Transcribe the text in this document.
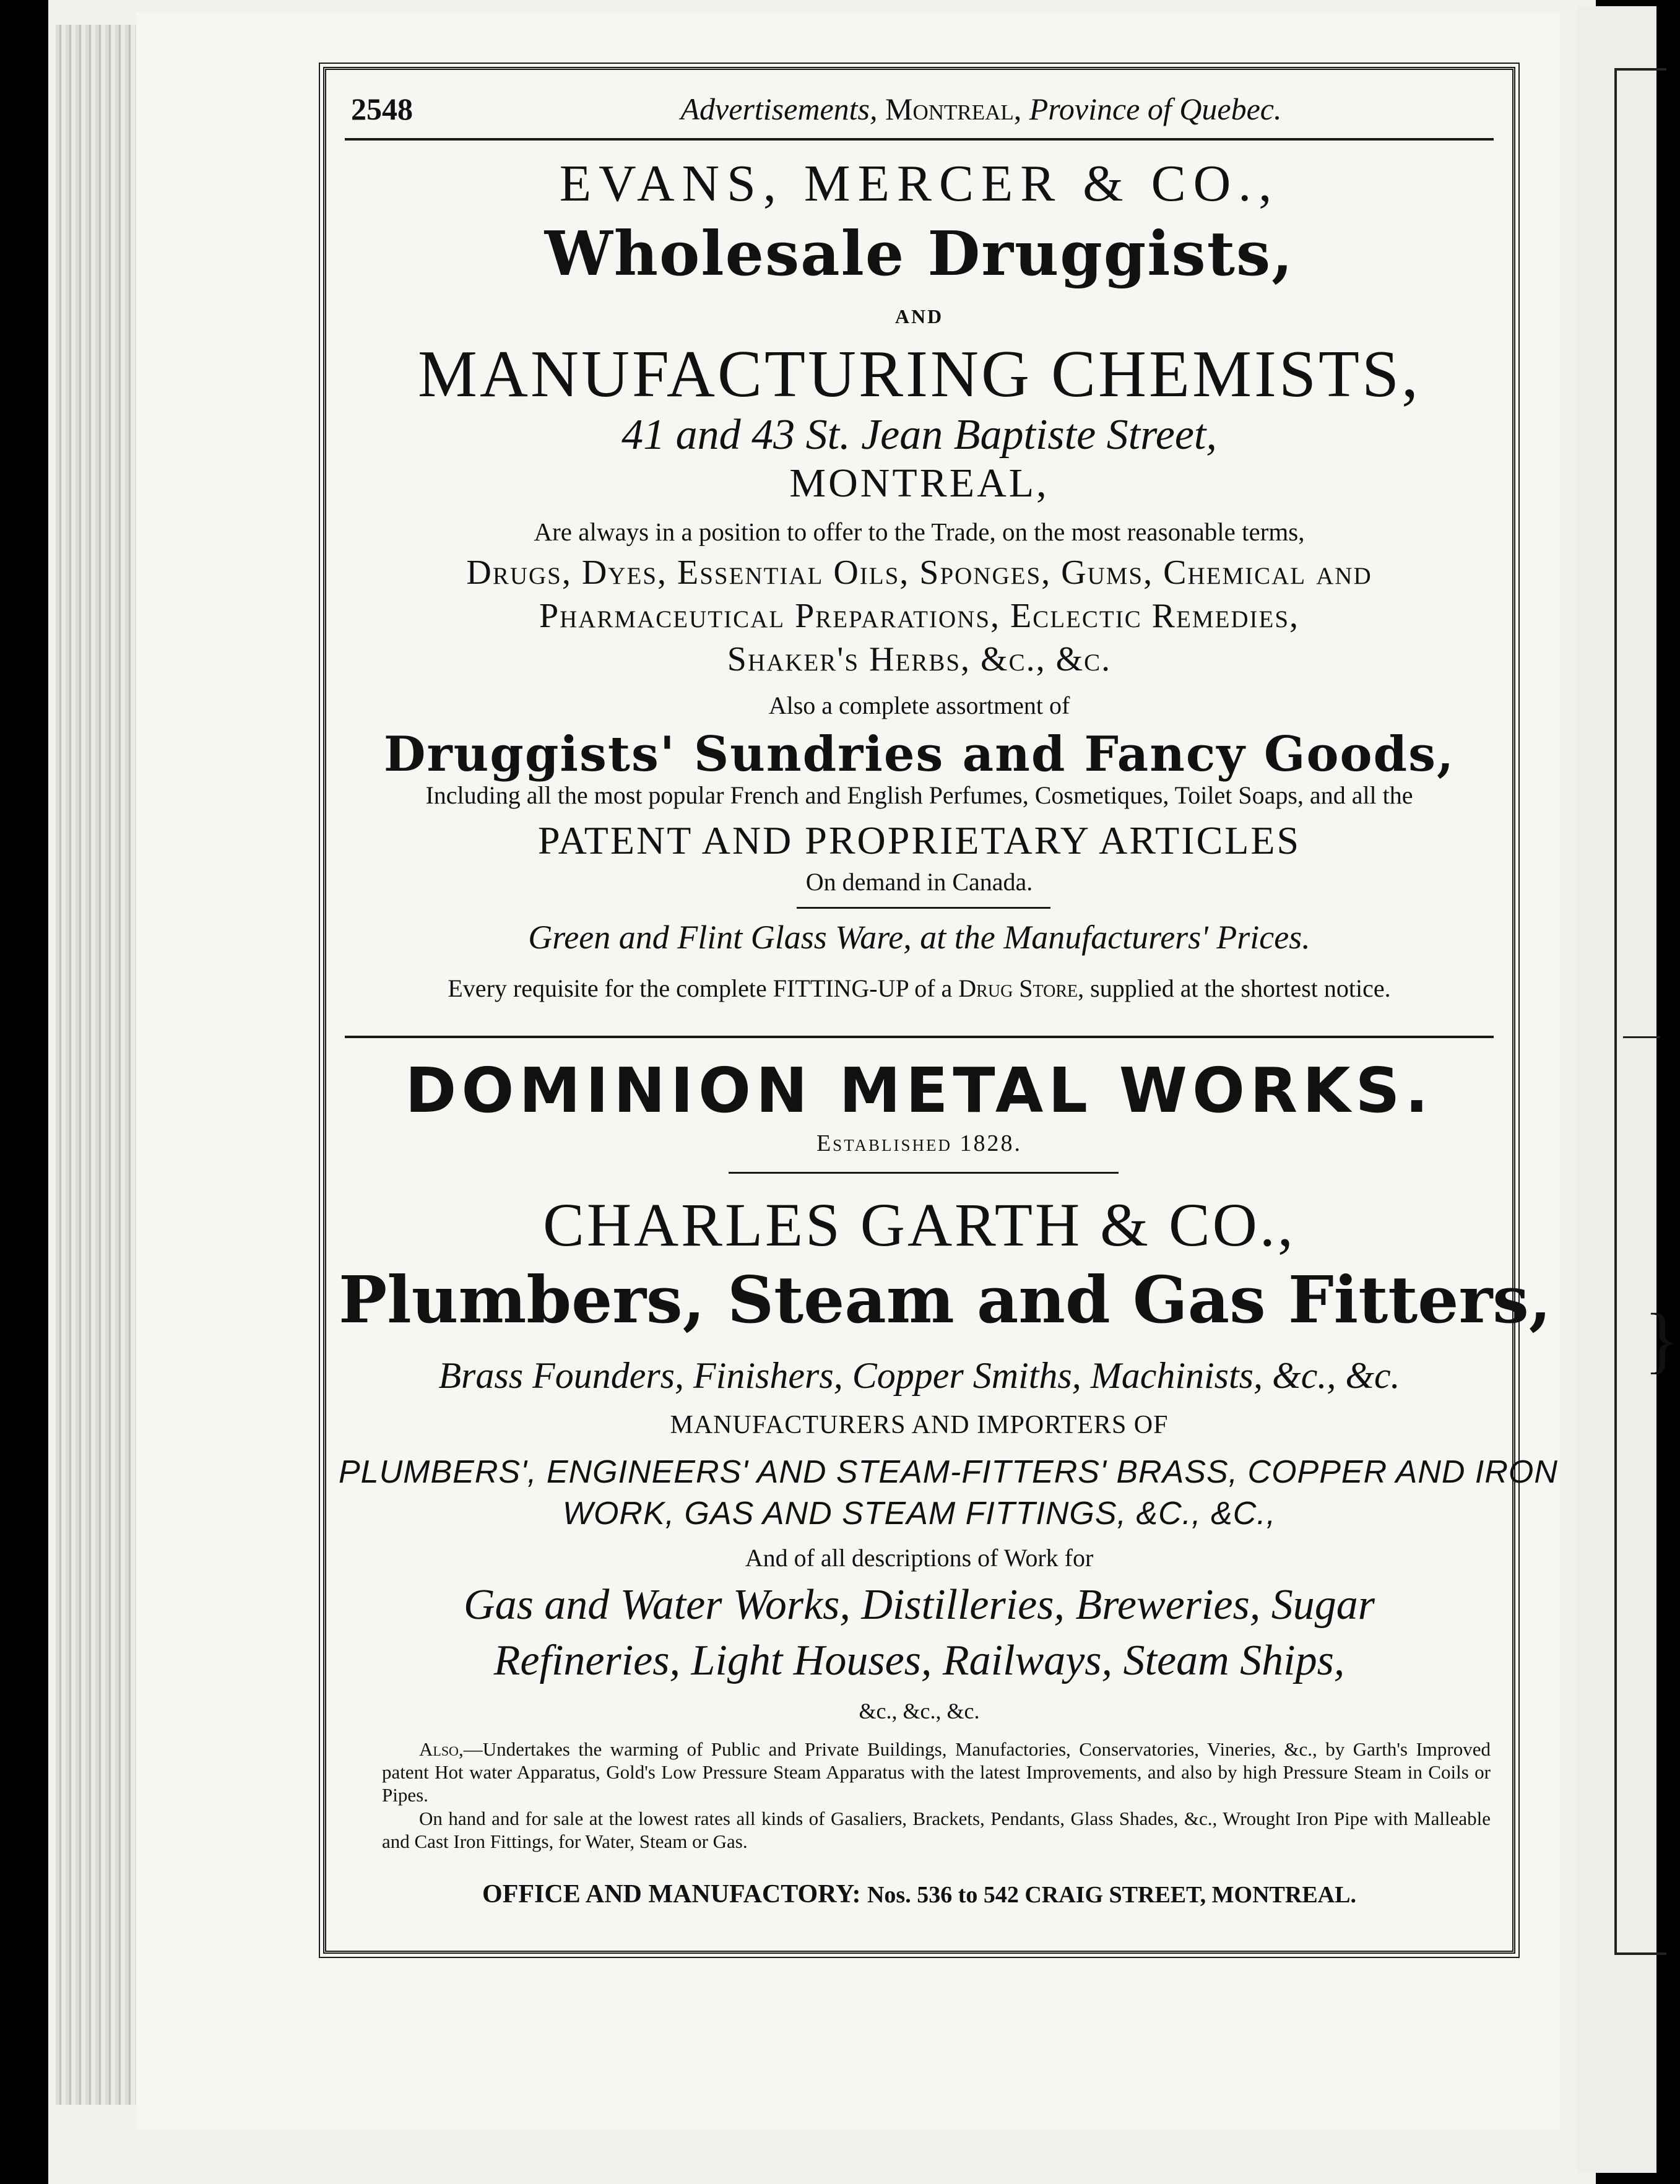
}
2548	Advertisements, Montreal, Province of Quebec.
EVANS, MERCER & CO.,
Wholesale Druggists,
AND
MANUFACTURING CHEMISTS,
41 and 43 St. Jean Baptiste Street,
MONTREAL,
Are always in a position to offer to the Trade, on the most reasonable terms,
Drugs, Dyes, Essential Oils, Sponges, Gums, Chemical and
Pharmaceutical Preparations, Eclectic Remedies,
Shaker's Herbs, &c., &c.
Also a complete assortment of
Druggists' Sundries and Fancy Goods,
Including all the most popular French and English Perfumes, Cosmetiques, Toilet Soaps, and all the
PATENT AND PROPRIETARY ARTICLES
On demand in Canada.
Green and Flint Glass Ware, at the Manufacturers' Prices.
Every requisite for the complete FITTING-UP of a Drug Store, supplied at the shortest notice.
DOMINION METAL WORKS.
Established 1828.
CHARLES GARTH & CO.,
Plumbers, Steam and Gas Fitters,
Brass Founders, Finishers, Copper Smiths, Machinists, &c., &c.
MANUFACTURERS AND IMPORTERS OF
PLUMBERS', ENGINEERS' AND STEAM-FITTERS' BRASS, COPPER AND IRON
WORK, GAS AND STEAM FITTINGS, &C., &C.,
And of all descriptions of Work for
Gas and Water Works, Distilleries, Breweries, Sugar
Refineries, Light Houses, Railways, Steam Ships,
&c., &c., &c.
Also,—Undertakes the warming of Public and Private Buildings, Manufactories, Conservatories, Vineries, &c., by Garth's Improved patent Hot water Apparatus, Gold's Low Pressure Steam Apparatus with the latest Improvements, and also by high Pressure Steam in Coils or Pipes.
On hand and for sale at the lowest rates all kinds of Gasaliers, Brackets, Pendants, Glass Shades, &c., Wrought Iron Pipe with Malleable and Cast Iron Fittings, for Water, Steam or Gas.
OFFICE AND MANUFACTORY: Nos. 536 to 542 CRAIG STREET, MONTREAL.
